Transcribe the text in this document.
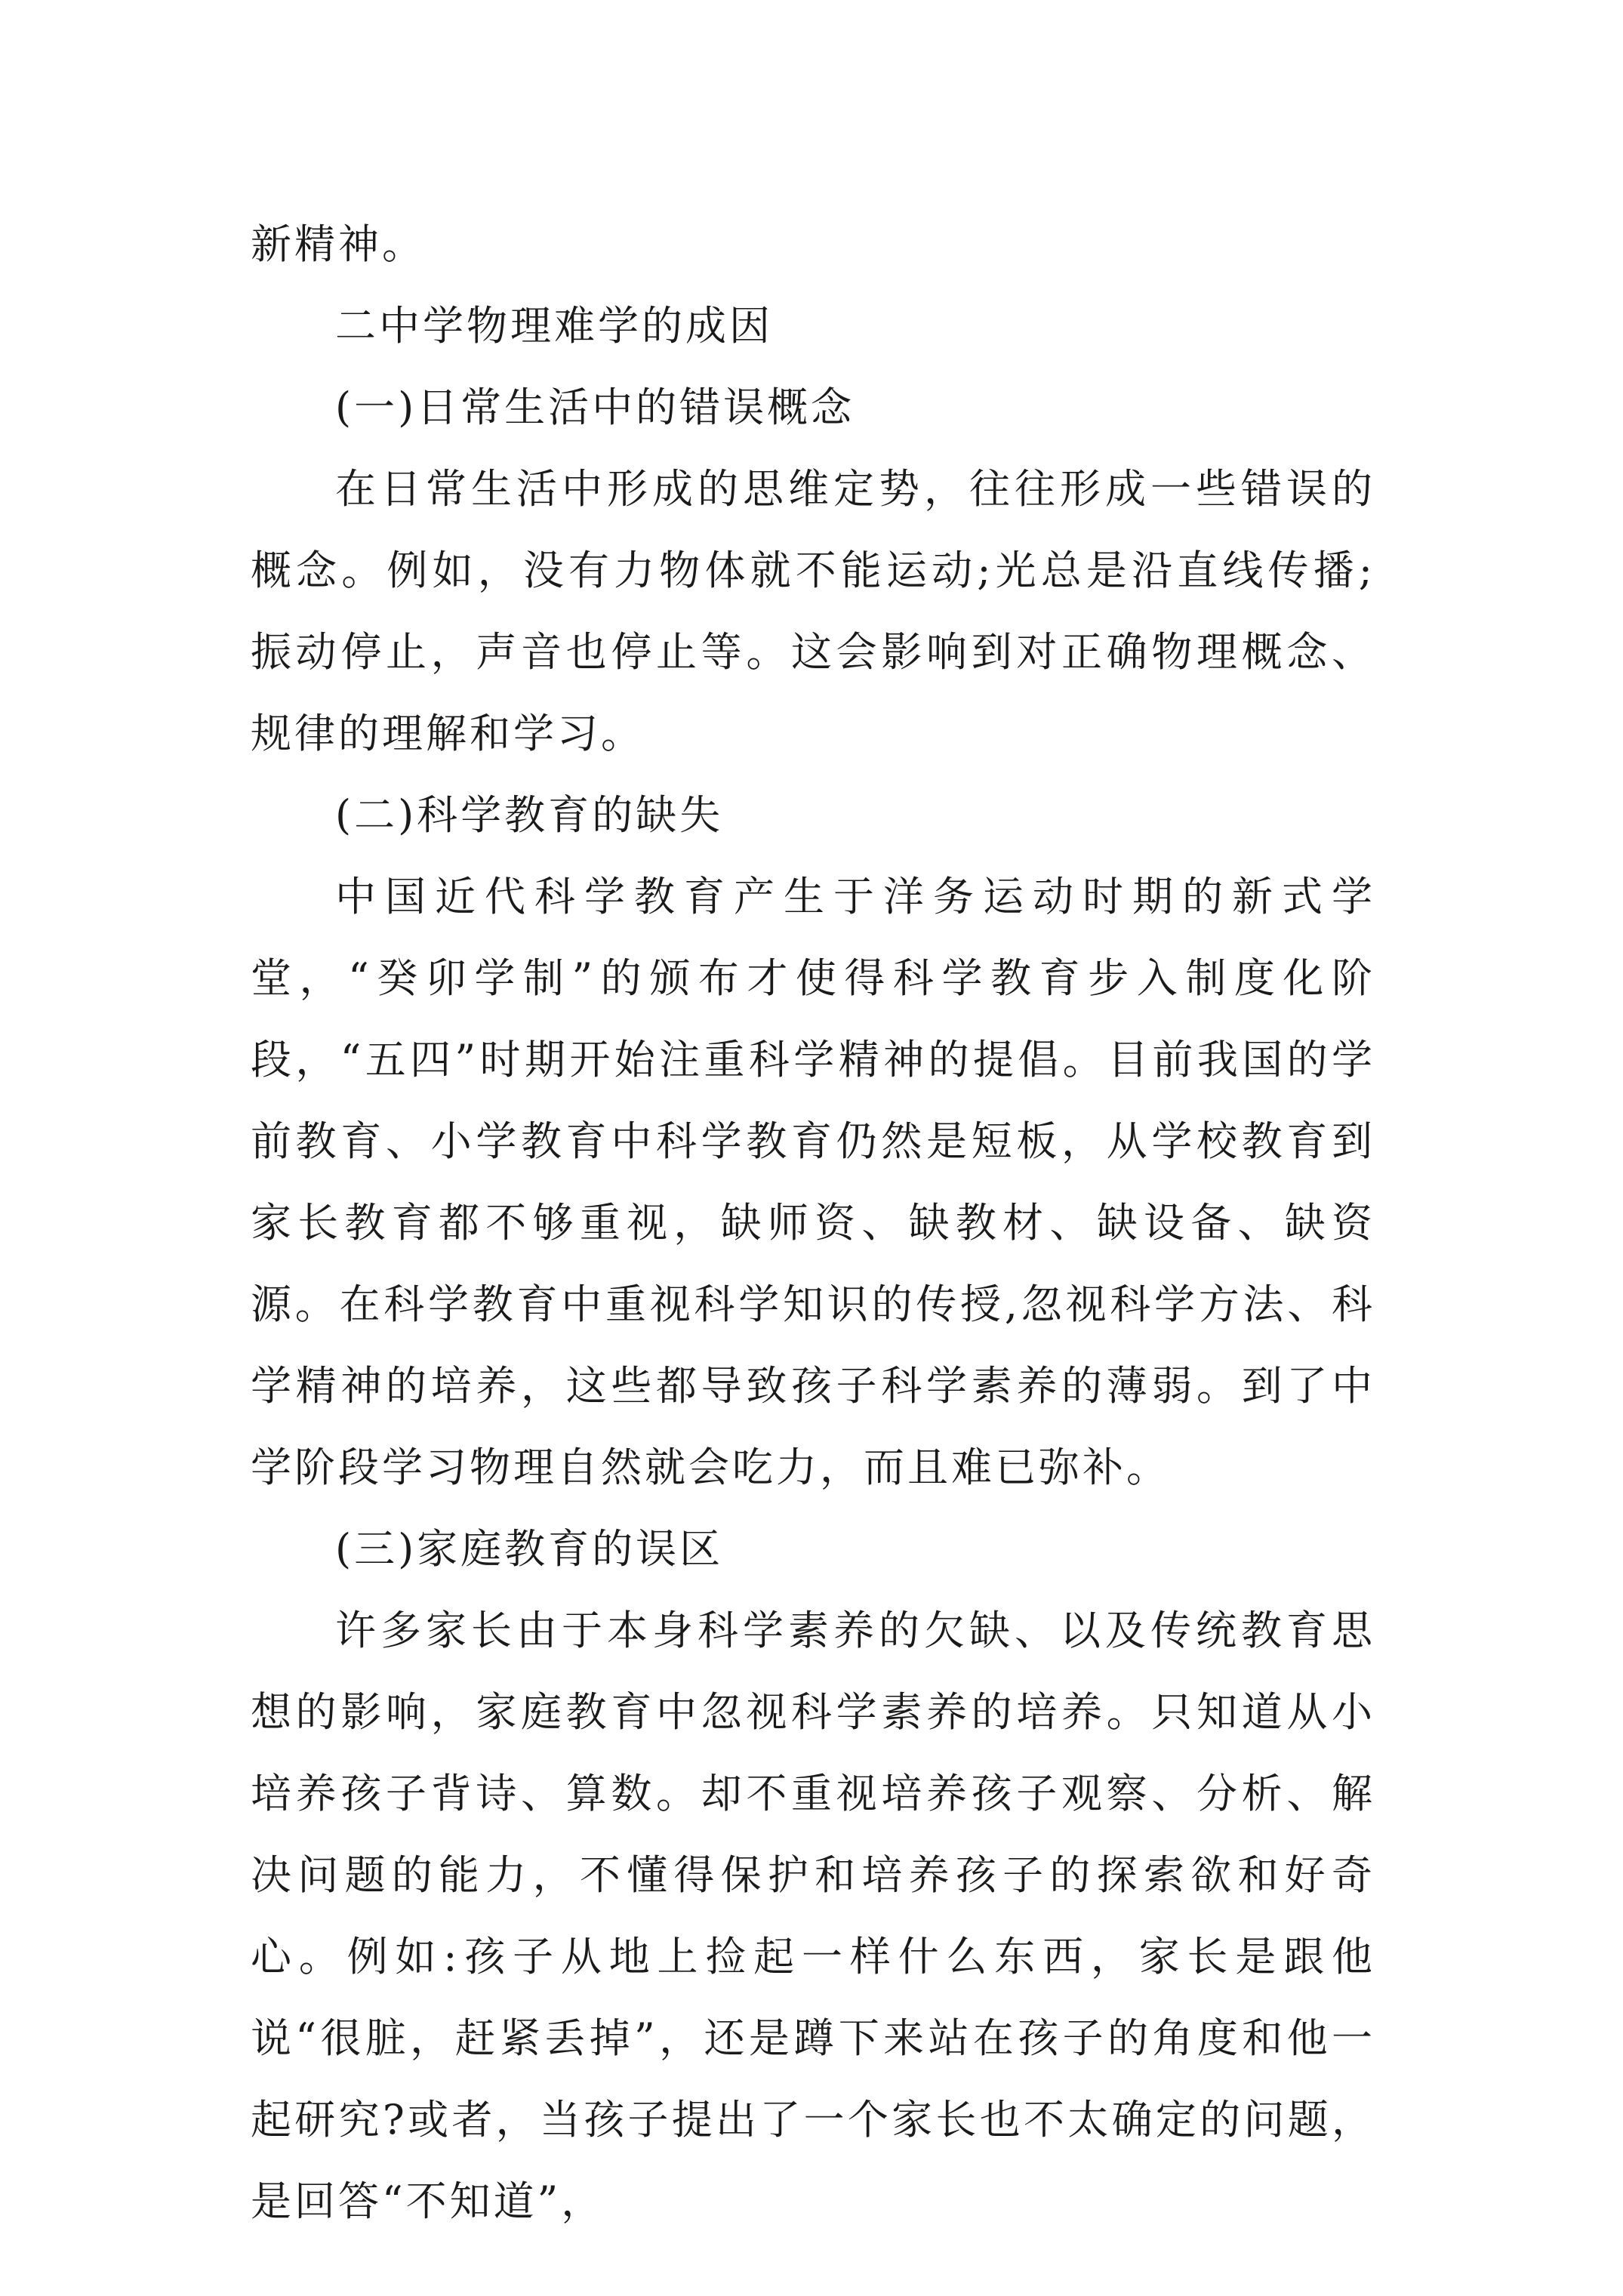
新精神。

二中学物理难学的成因

(一)日常生活中的错误概念

在日常生活中形成的思维定势，往往形成一些错误的概念。例如，没有力物体就不能运动;光总是沿直线传播;振动停止，声音也停止等。这会影响到对正确物理概念、规律的理解和学习。

(二)科学教育的缺失

中国近代科学教育产生于洋务运动时期的新式学堂，“癸卯学制”的颁布才使得科学教育步入制度化阶段，“五四”时期开始注重科学精神的提倡。目前我国的学前教育、小学教育中科学教育仍然是短板，从学校教育到家长教育都不够重视，缺师资、缺教材、缺设备、缺资源。在科学教育中重视科学知识的传授,忽视科学方法、科学精神的培养，这些都导致孩子科学素养的薄弱。到了中学阶段学习物理自然就会吃力，而且难已弥补。

(三)家庭教育的误区

许多家长由于本身科学素养的欠缺、以及传统教育思想的影响，家庭教育中忽视科学素养的培养。只知道从小培养孩子背诗、算数。却不重视培养孩子观察、分析、解决问题的能力，不懂得保护和培养孩子的探索欲和好奇心。例如:孩子从地上捡起一样什么东西，家长是跟他说“很脏，赶紧丢掉”，还是蹲下来站在孩子的角度和他一起研究?或者，当孩子提出了一个家长也不太确定的问题，是回答“不知道”，
